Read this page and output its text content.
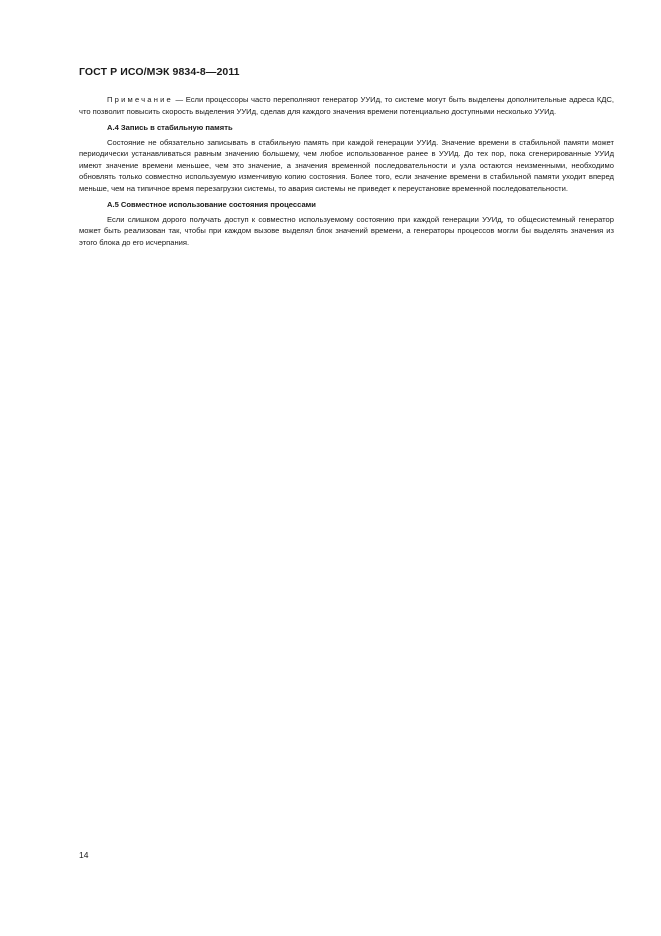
ГОСТ Р ИСО/МЭК 9834-8—2011

Примечание — Если процессоры часто переполняют генератор УУИд, то системе могут быть выделены дополнительные адреса КДС, что позволит повысить скорость выделения УУИд, сделав для каждого значения времени потенциально доступными несколько УУИд.

А.4 Запись в стабильную память

Состояние не обязательно записывать в стабильную память при каждой генерации УУИд. Значение времени в стабильной памяти может периодически устанавливаться равным значению большему, чем любое использованное ранее в УУИд. До тех пор, пока сгенерированные УУИд имеют значение времени меньшее, чем это значение, а значения временной последовательности и узла остаются неизменными, необходимо обновлять только совместно используемую изменчивую копию состояния. Более того, если значение времени в стабильной памяти уходит вперед меньше, чем на типичное время перезагрузки системы, то авария системы не приведет к переустановке временной последовательности.

А.5 Совместное использование состояния процессами

Если слишком дорого получать доступ к совместно используемому состоянию при каждой генерации УУИд, то общесистемный генератор может быть реализован так, чтобы при каждом вызове выделял блок значений времени, а генераторы процессов могли бы выделять значения из этого блока до его исчерпания.

14
